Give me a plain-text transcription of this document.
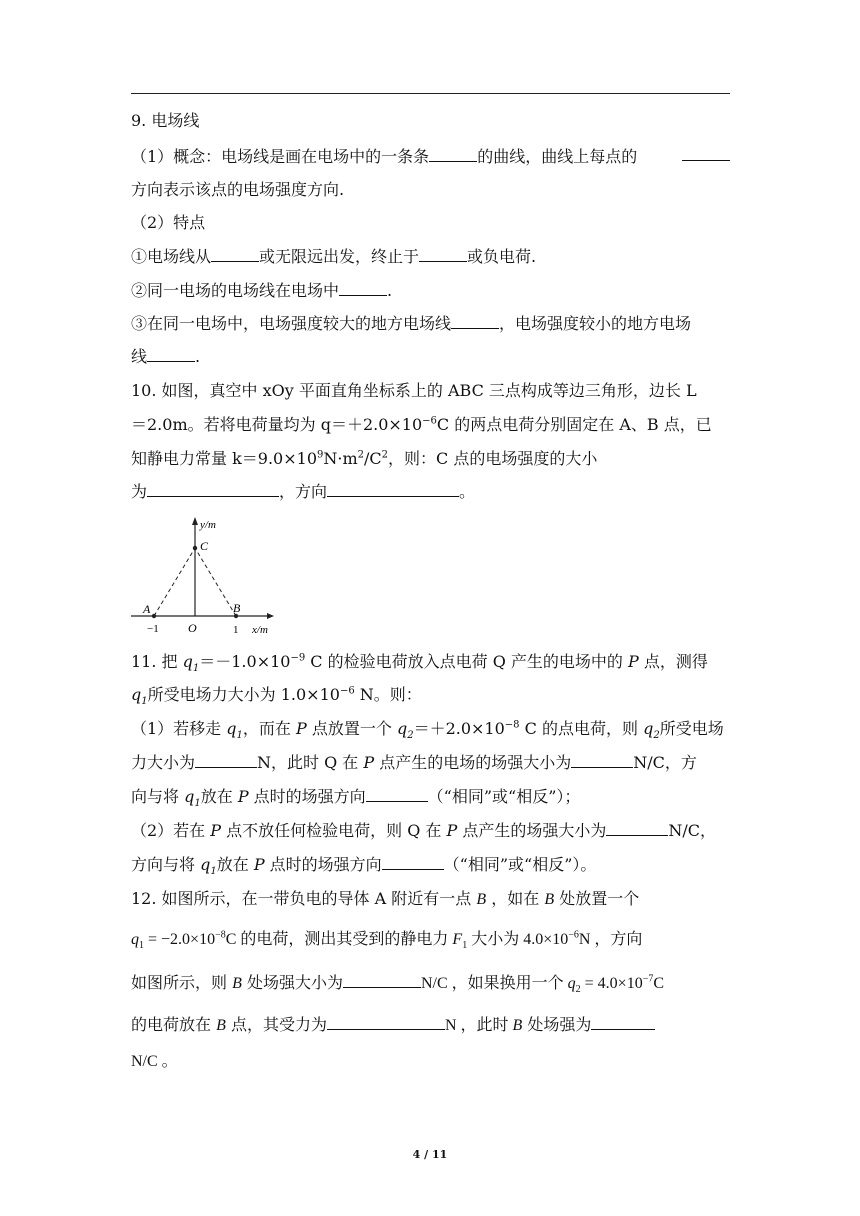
9. 电场线
（1）概念：电场线是画在电场中的一条条	的曲线，曲线上每点的
方向表示该点的电场强度方向.
（2）特点
①电场线从	或无限远出发，终止于	或负电荷.
②同一电场的电场线在电场中	.
③在同一电场中，电场强度较大的地方电场线	，电场强度较小的地方电场
线	.
10. 如图，真空中 xOy 平面直角坐标系上的 ABC 三点构成等边三角形，边长 L
＝2.0m。若将电荷量均为 $q=+2.0\times 10^{-6}C$ 的两点电荷分别固定在 A、B 点，已
知静电力常量 $k=9.0\times 10^9N\cdot m^2/C^2$，则：C 点的电场强度的大小
为	，方向	。
y/m
C
A	B
−1 O	1 x/m
11. 把 $q_1=-1.0\times 10^{-9}$ C 的检验电荷放入点电荷 Q 产生的电场中的 P 点，测得
$q_1$所受电场力大小为 $1.0\times 10^{-6}$ N。则：
（1）若移走 $q_1$，而在 P 点放置一个 $q_2=+2.0\times 10^{-8}$ C 的点电荷，则 $q_2$所受电场
力大小为	N，此时 Q 在 P 点产生的电场的场强大小为	N/C，方
向与将 $q_1$放在 P 点时的场强方向	（“相同”或“相反”）；
（2）若在 P 点不放任何检验电荷，则 Q 在 P 点产生的场强大小为	N/C，
方向与将 $q_1$放在 P 点时的场强方向	（“相同”或“相反”）。
12. 如图所示，在一带负电的导体 A 附近有一点 B ，如在 B 处放置一个
$q_1 = -2.0\times 10^{-8}C$ 的电荷，测出其受到的静电力 $F_1$ 大小为 $4.0\times 10^{-6}N$ ，方向
如图所示，则 B 处场强大小为	N/C ，如果换用一个 $q_2 = 4.0\times 10^{-7}C$
的电荷放在 B 点，其受力为	N ，此时 B 处场强为
N/C 。
4 / 11
